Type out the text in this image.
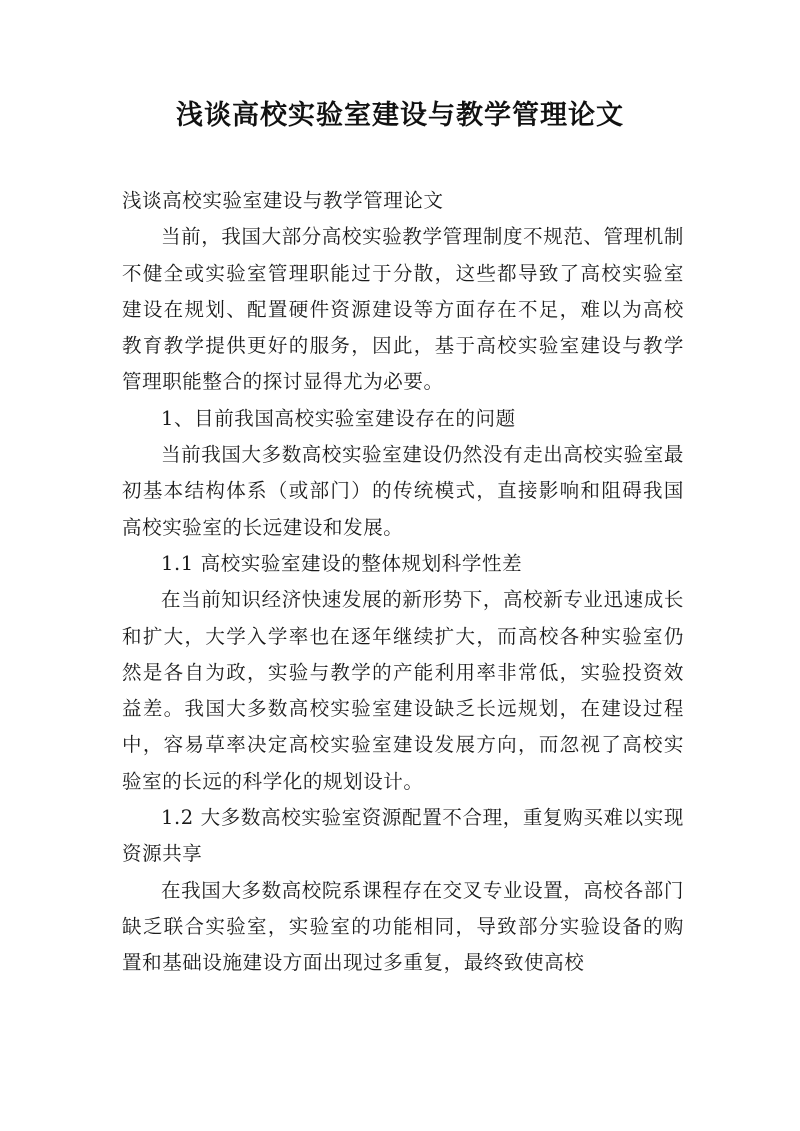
浅谈高校实验室建设与教学管理论文

浅谈高校实验室建设与教学管理论文

当前，我国大部分高校实验教学管理制度不规范、管理机制不健全或实验室管理职能过于分散，这些都导致了高校实验室建设在规划、配置硬件资源建设等方面存在不足，难以为高校教育教学提供更好的服务，因此，基于高校实验室建设与教学管理职能整合的探讨显得尤为必要。

1、目前我国高校实验室建设存在的问题

当前我国大多数高校实验室建设仍然没有走出高校实验室最初基本结构体系（或部门）的传统模式，直接影响和阻碍我国高校实验室的长远建设和发展。

1.1 高校实验室建设的整体规划科学性差

在当前知识经济快速发展的新形势下，高校新专业迅速成长和扩大，大学入学率也在逐年继续扩大，而高校各种实验室仍然是各自为政，实验与教学的产能利用率非常低，实验投资效益差。我国大多数高校实验室建设缺乏长远规划，在建设过程中，容易草率决定高校实验室建设发展方向，而忽视了高校实验室的长远的科学化的规划设计。

1.2 大多数高校实验室资源配置不合理，重复购买难以实现资源共享

在我国大多数高校院系课程存在交叉专业设置，高校各部门缺乏联合实验室，实验室的功能相同，导致部分实验设备的购置和基础设施建设方面出现过多重复，最终致使高校
